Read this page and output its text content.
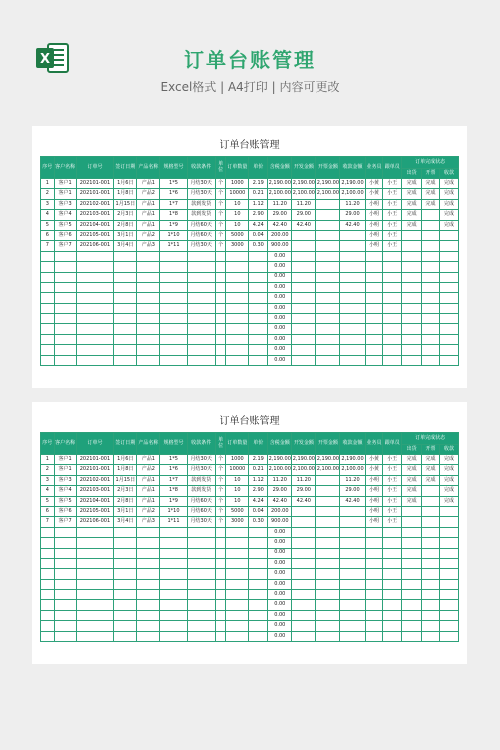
X	订单台账管理
Excel格式 | A4打印 | 内容可更改
订单台账管理
序号	客户名称	订单号	签订日期	产品名称	规格型号	收款条件	单位	订单数量	单价	含税金额	开发金额	开票金额	收款金额	业务员	跟单员	订单完成状态		
																出货	开票	收款
1	客户1	202101-001	1月6日	产品1	1*5	月结30天	个	1000	2.19	2,190.00	2,190.00	2,190.00	2,190.00	小黄	小王	完成	完成	完成
2	客户1	202101-001	1月8日	产品2	1*6	月结30天	个	10000	0.21	2,100.00	2,100.00	2,100.00	2,100.00	小黄	小王	完成	完成	完成
3	客户3	202102-001	1月15日	产品1	1*7	款到发货	个	10	1.12	11.20	11.20		11.20	小明	小王	完成	完成	完成
4	客户4	202103-001	2月3日	产品1	1*8	款到发货	个	10	2.90	29.00	29.00		29.00	小明	小王	完成		完成
5	客户5	202104-001	2月8日	产品1	1*9	月结60天	个	10	4.24	42.40	42.40		42.40	小明	小王	完成		完成
6	客户6	202105-001	3月1日	产品2	1*10	月结60天	个	5000	0.04	200.00				小明	小王			
7	客户7	202106-001	3月4日	产品3	1*11	月结30天	个	3000	0.30	900.00				小明	小王			
										0.00								
										0.00								
										0.00								
										0.00								
										0.00								
										0.00								
										0.00								
										0.00								
										0.00								
										0.00								
										0.00								
订单台账管理
序号	客户名称	订单号	签订日期	产品名称	规格型号	收款条件	单位	订单数量	单价	含税金额	开发金额	开票金额	收款金额	业务员	跟单员	订单完成状态		
																出货	开票	收款
1	客户1	202101-001	1月6日	产品1	1*5	月结30天	个	1000	2.19	2,190.00	2,190.00	2,190.00	2,190.00	小黄	小王	完成	完成	完成
2	客户1	202101-001	1月8日	产品2	1*6	月结30天	个	10000	0.21	2,100.00	2,100.00	2,100.00	2,100.00	小黄	小王	完成	完成	完成
3	客户3	202102-001	1月15日	产品1	1*7	款到发货	个	10	1.12	11.20	11.20		11.20	小明	小王	完成	完成	完成
4	客户4	202103-001	2月3日	产品1	1*8	款到发货	个	10	2.90	29.00	29.00		29.00	小明	小王	完成		完成
5	客户5	202104-001	2月8日	产品1	1*9	月结60天	个	10	4.24	42.40	42.40		42.40	小明	小王	完成		完成
6	客户6	202105-001	3月1日	产品2	1*10	月结60天	个	5000	0.04	200.00				小明	小王			
7	客户7	202106-001	3月4日	产品3	1*11	月结30天	个	3000	0.30	900.00				小明	小王			
										0.00								
										0.00								
										0.00								
										0.00								
										0.00								
										0.00								
										0.00								
										0.00								
										0.00								
										0.00								
										0.00								
